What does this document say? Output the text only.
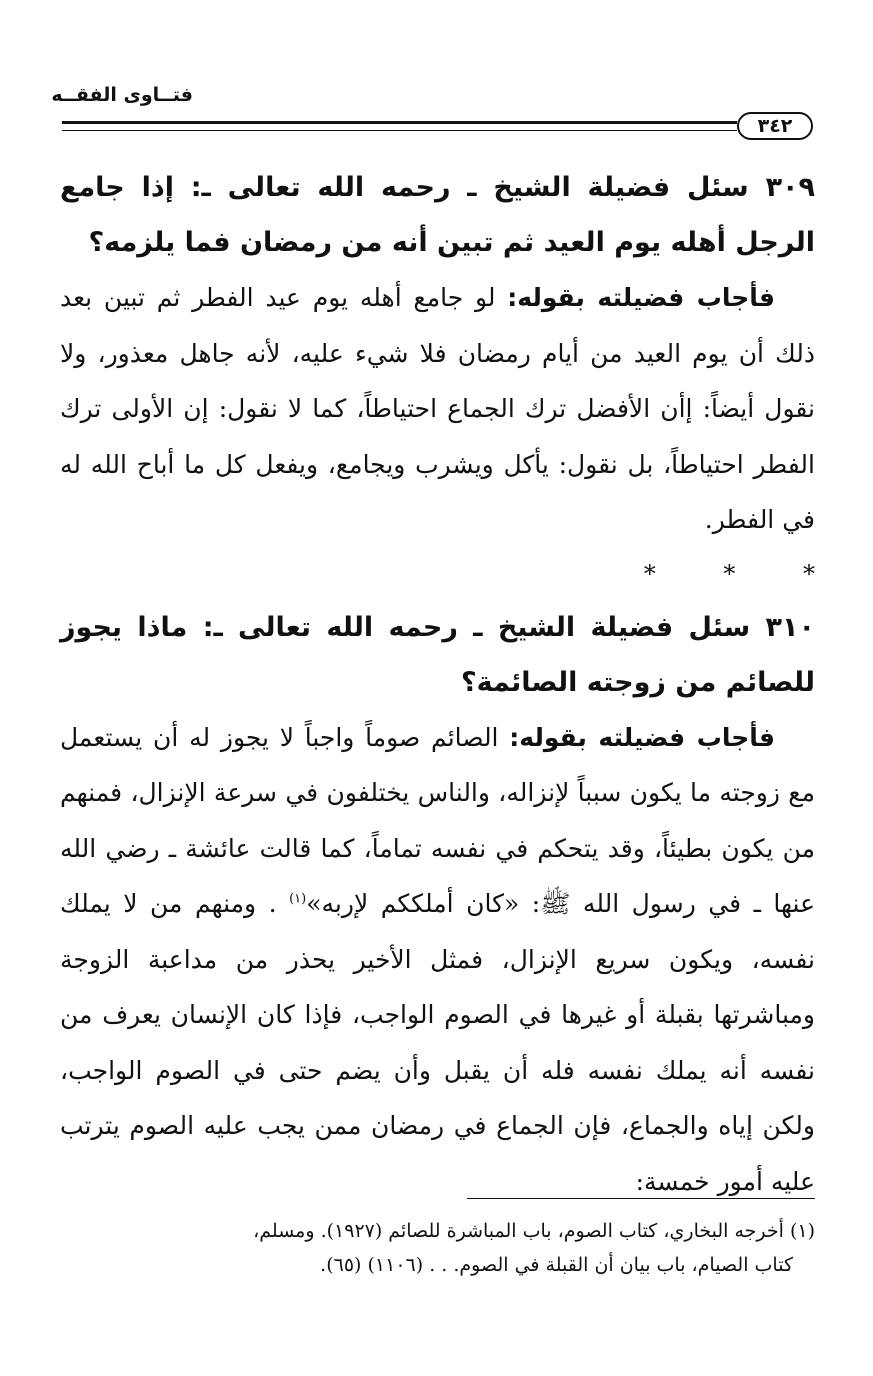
فتــاوى الفقــه
٣٤٢

٣٠٩ سئل فضيلة الشيخ ـ رحمه الله تعالى ـ: إذا جامع الرجل أهله يوم العيد ثم تبين أنه من رمضان فما يلزمه؟

فأجاب فضيلته بقوله: لو جامع أهله يوم عيد الفطر ثم تبين بعد ذلك أن يوم العيد من أيام رمضان فلا شيء عليه، لأنه جاهل معذور، ولا نقول أيضاً: إأن الأفضل ترك الجماع احتياطاً، كما لا نقول: إن الأولى ترك الفطر احتياطاً، بل نقول: يأكل ويشرب ويجامع، ويفعل كل ما أباح الله له في الفطر.

* * *

٣١٠ سئل فضيلة الشيخ ـ رحمه الله تعالى ـ: ماذا يجوز للصائم من زوجته الصائمة؟

فأجاب فضيلته بقوله: الصائم صوماً واجباً لا يجوز له أن يستعمل مع زوجته ما يكون سبباً لإنزاله، والناس يختلفون في سرعة الإنزال، فمنهم من يكون بطيئاً، وقد يتحكم في نفسه تماماً، كما قالت عائشة ـ رضي الله عنها ـ في رسول الله ﷺ: «كان أملككم لإربه»$^{(١)}$ . ومنهم من لا يملك نفسه، ويكون سريع الإنزال، فمثل الأخير يحذر من مداعبة الزوجة ومباشرتها بقبلة أو غيرها في الصوم الواجب، فإذا كان الإنسان يعرف من نفسه أنه يملك نفسه فله أن يقبل وأن يضم حتى في الصوم الواجب، ولكن إياه والجماع، فإن الجماع في رمضان ممن يجب عليه الصوم يترتب عليه أمور خمسة:

(١) أخرجه البخاري، كتاب الصوم، باب المباشرة للصائم (١٩٢٧). ومسلم،
كتاب الصيام، باب بيان أن القبلة في الصوم. . . (١١٠٦) (٦٥).
